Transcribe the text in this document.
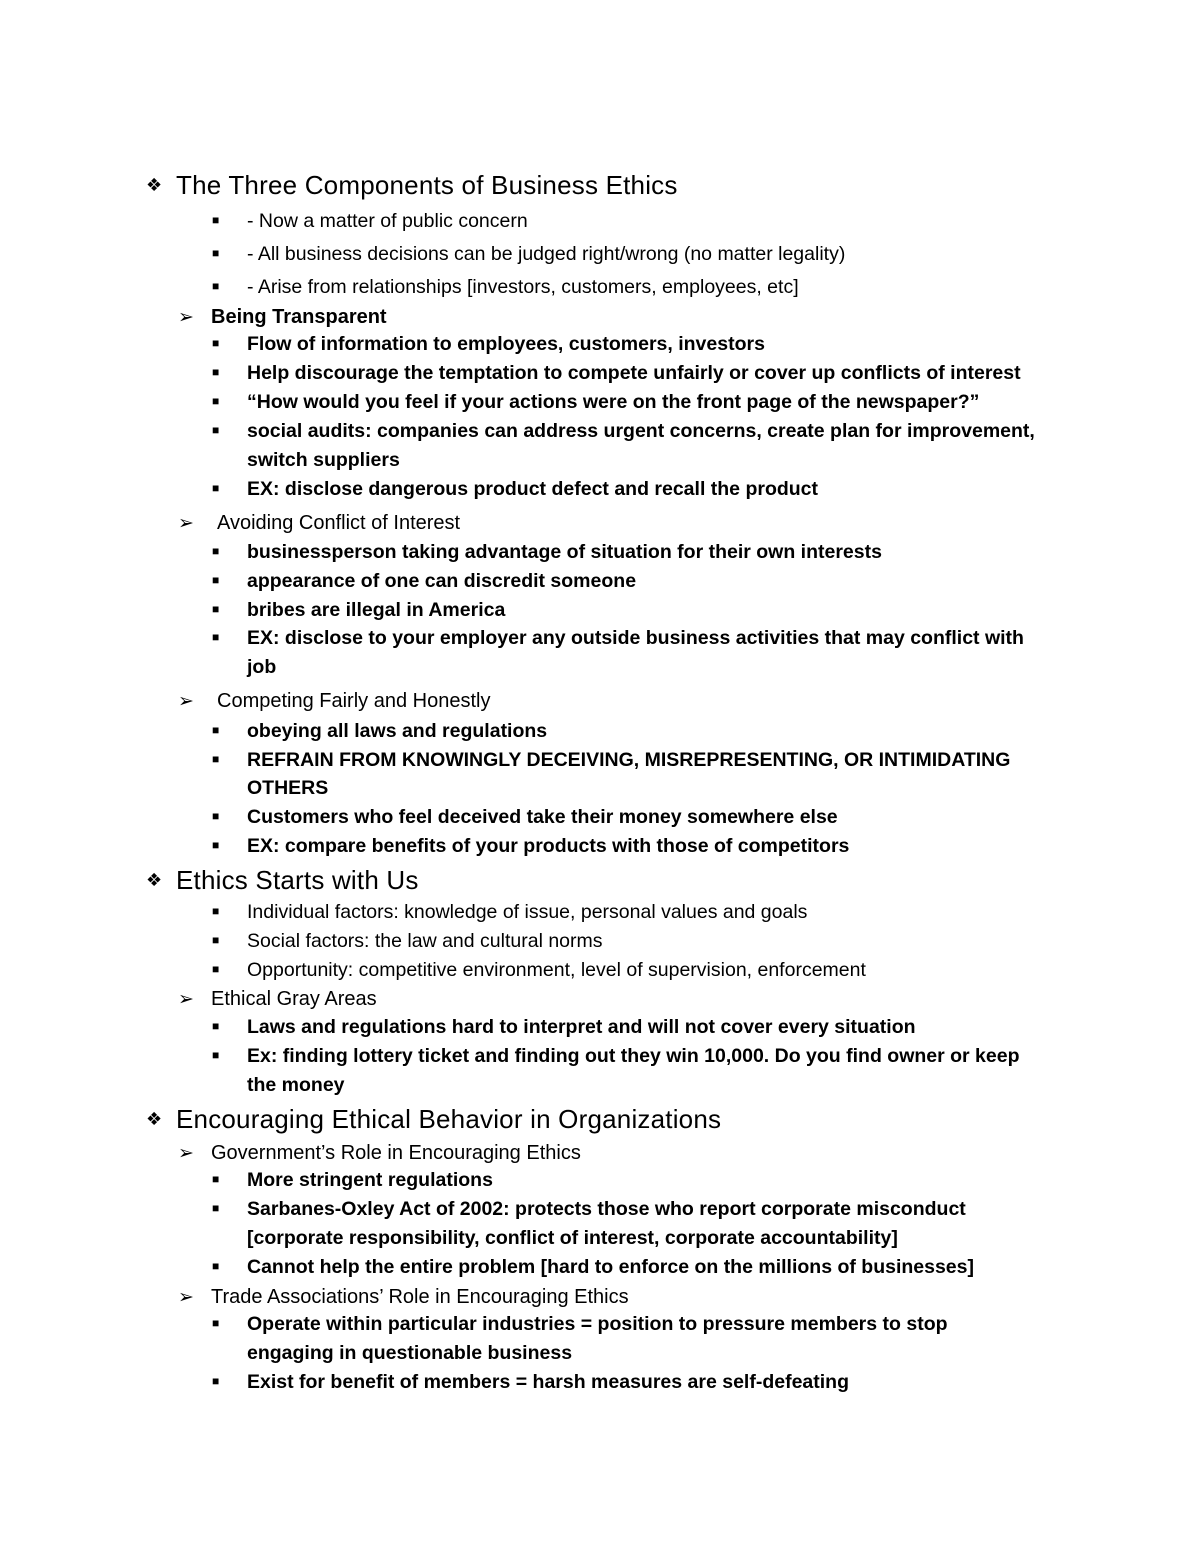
❖ The Three Components of Business Ethics
■ - Now a matter of public concern
■ - All business decisions can be judged right/wrong (no matter legality)
■ - Arise from relationships [investors, customers, employees, etc]
➢ Being Transparent
■ Flow of information to employees, customers, investors
■ Help discourage the temptation to compete unfairly or cover up conflicts of interest
■ “How would you feel if your actions were on the front page of the newspaper?”
■ social audits: companies can address urgent concerns, create plan for improvement,
switch suppliers
■ EX: disclose dangerous product defect and recall the product
➢ Avoiding Conflict of Interest
■ businessperson taking advantage of situation for their own interests
■ appearance of one can discredit someone
■ bribes are illegal in America
■ EX: disclose to your employer any outside business activities that may conflict with
job
➢ Competing Fairly and Honestly
■ obeying all laws and regulations
■ REFRAIN FROM KNOWINGLY DECEIVING, MISREPRESENTING, OR INTIMIDATING
OTHERS
■ Customers who feel deceived take their money somewhere else
■ EX: compare benefits of your products with those of competitors
❖ Ethics Starts with Us
■ Individual factors: knowledge of issue, personal values and goals
■ Social factors: the law and cultural norms
■ Opportunity: competitive environment, level of supervision, enforcement
➢ Ethical Gray Areas
■ Laws and regulations hard to interpret and will not cover every situation
■ Ex: finding lottery ticket and finding out they win 10,000. Do you find owner or keep
the money
❖ Encouraging Ethical Behavior in Organizations
➢ Government’s Role in Encouraging Ethics
■ More stringent regulations
■ Sarbanes-Oxley Act of 2002: protects those who report corporate misconduct
[corporate responsibility, conflict of interest, corporate accountability]
■ Cannot help the entire problem [hard to enforce on the millions of businesses]
➢ Trade Associations’ Role in Encouraging Ethics
■ Operate within particular industries = position to pressure members to stop
engaging in questionable business
■ Exist for benefit of members = harsh measures are self-defeating
